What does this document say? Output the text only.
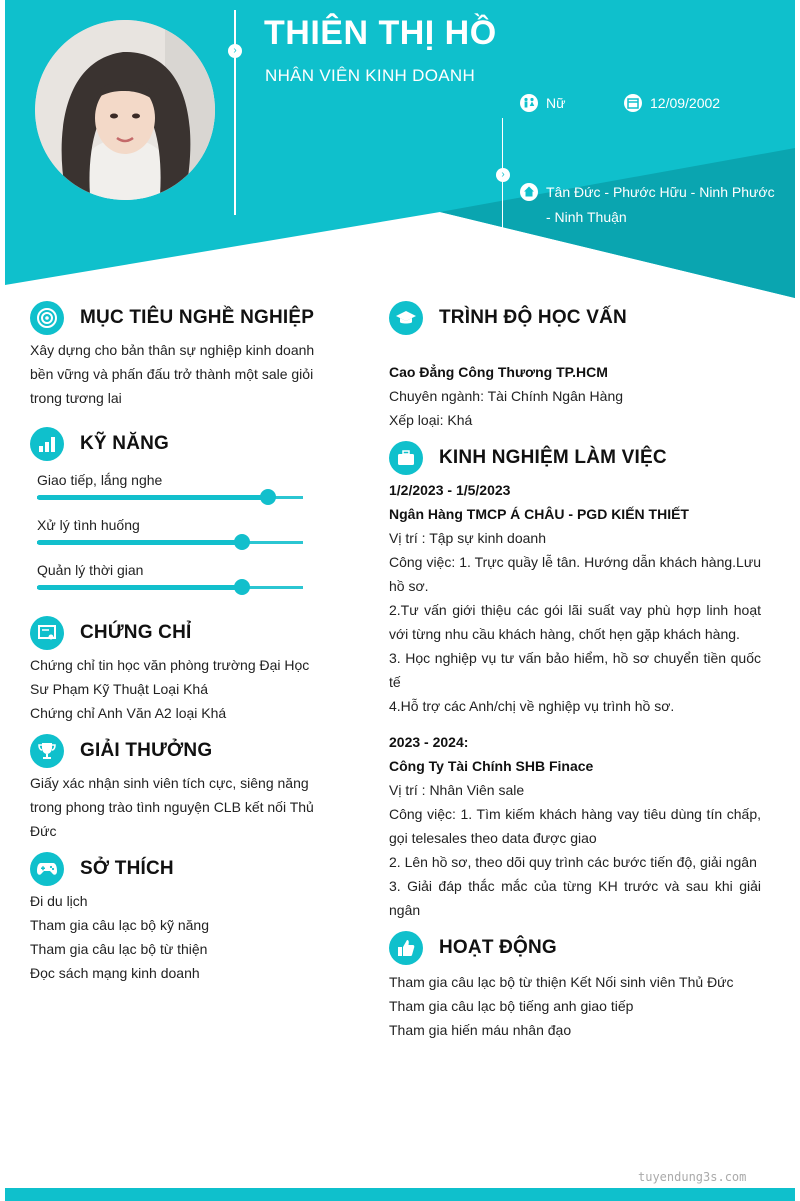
› THIÊN THỊ HỒ
NHÂN VIÊN KINH DOANH
Nữ	12/09/2002
›
Tân Đức - Phước Hữu - Ninh Phước - Ninh Thuận
MỤC TIÊU NGHỀ NGHIỆP
Xây dựng cho bản thân sự nghiệp kinh doanh bền vững và phấn đấu trở thành một sale giỏi trong tương lai
KỸ NĂNG
Giao tiếp, lắng nghe
Xử lý tình huống
Quản lý thời gian
CHỨNG CHỈ
Chứng chỉ tin học văn phòng trường Đại Học Sư Phạm Kỹ Thuật Loại Khá
Chứng chỉ Anh Văn A2 loại Khá
GIẢI THƯỞNG
Giấy xác nhận sinh viên tích cực, siêng năng trong phong trào tình nguyện CLB kết nối Thủ Đức
SỞ THÍCH
Đi du lịch
Tham gia câu lạc bộ kỹ năng
Tham gia câu lạc bộ từ thiện
Đọc sách mạng kinh doanh
TRÌNH ĐỘ HỌC VẤN
Cao Đẳng Công Thương TP.HCM
Chuyên ngành: Tài Chính Ngân Hàng
Xếp loại: Khá
KINH NGHIỆM LÀM VIỆC
1/2/2023 - 1/5/2023
Ngân Hàng TMCP Á CHÂU - PGD KIẾN THIẾT
Vị trí : Tập sự kinh doanh
Công việc: 1. Trực quầy lễ tân. Hướng dẫn khách hàng.Lưu hồ sơ.
2.Tư vấn giới thiệu các gói lãi suất vay phù hợp linh hoạt với từng nhu cầu khách hàng, chốt hẹn gặp khách hàng.
3. Học nghiệp vụ tư vấn bảo hiểm, hồ sơ chuyển tiền quốc tế
4.Hỗ trợ các Anh/chị về nghiệp vụ trình hồ sơ.
2023 - 2024:
Công Ty Tài Chính SHB Finace
Vị trí : Nhân Viên sale
Công việc: 1. Tìm kiếm khách hàng vay tiêu dùng tín chấp, gọi telesales theo data được giao
2. Lên hồ sơ, theo dõi quy trình các bước tiến độ, giải ngân
3. Giải đáp thắc mắc của từng KH trước và sau khi giải ngân
HOẠT ĐỘNG
Tham gia câu lạc bộ từ thiện Kết Nối sinh viên Thủ Đức
Tham gia câu lạc bộ tiếng anh giao tiếp
Tham gia hiến máu nhân đạo
tuyendung3s.com
